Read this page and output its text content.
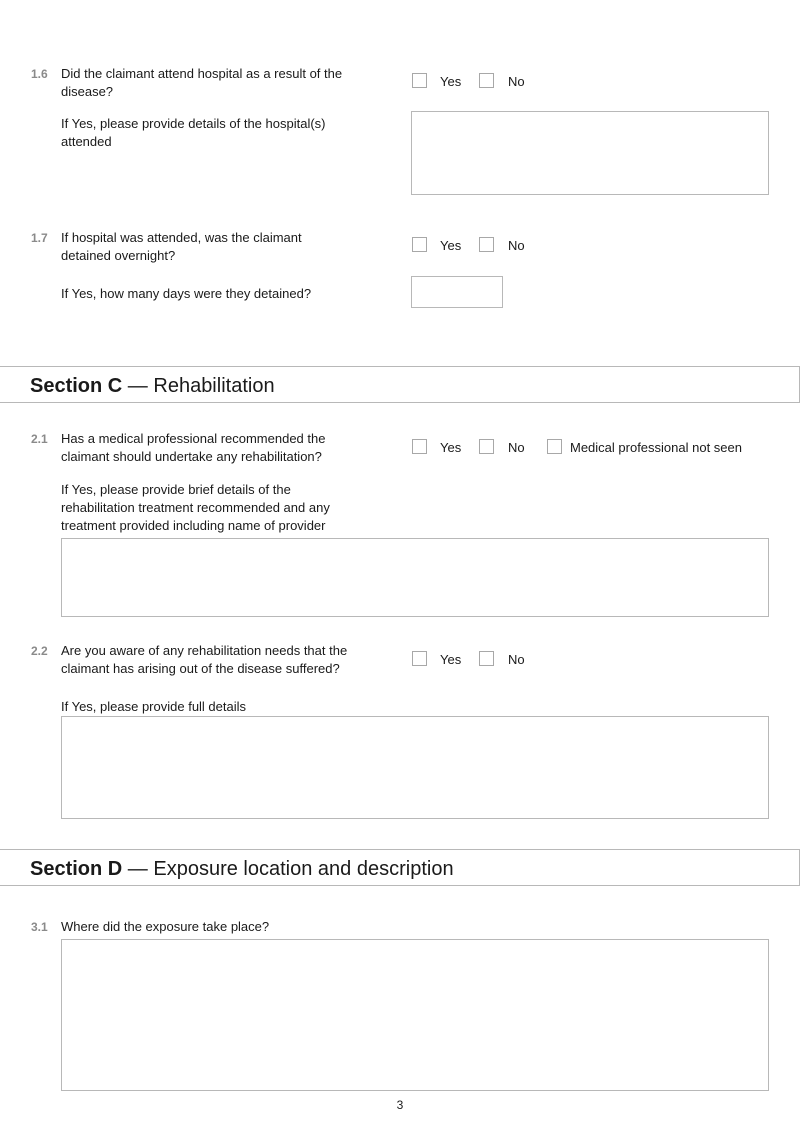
1.6 Did the claimant attend hospital as a result of the disease?
Yes	No
If Yes, please provide details of the hospital(s) attended
1.7 If hospital was attended, was the claimant detained overnight?
Yes	No
If Yes, how many days were they detained?
Section C — Rehabilitation
2.1 Has a medical professional recommended the claimant should undertake any rehabilitation?
Yes	No	Medical professional not seen
If Yes, please provide brief details of the rehabilitation treatment recommended and any treatment provided including name of provider
2.2 Are you aware of any rehabilitation needs that the claimant has arising out of the disease suffered?
Yes	No
If Yes, please provide full details
Section D — Exposure location and description
3.1 Where did the exposure take place?
3
